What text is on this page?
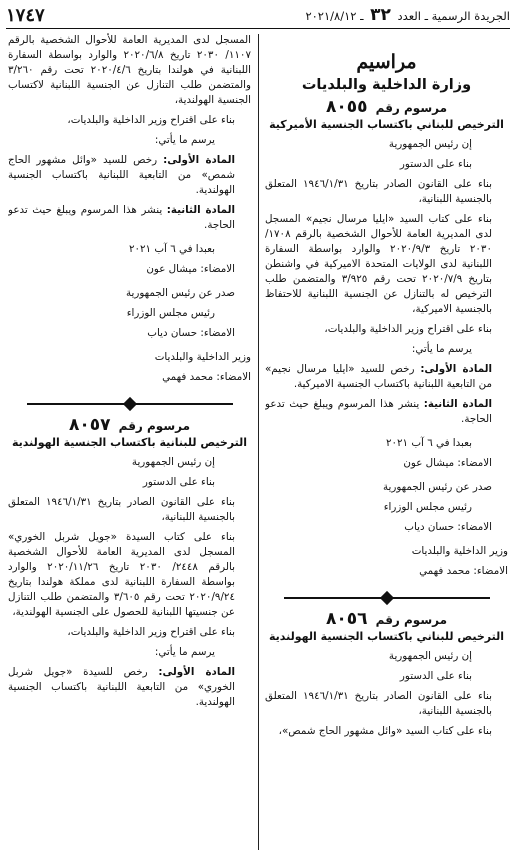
الجريدة الرسمية ـ العدد ٣٢ ـ ٢٠٢١/٨/١٢
١٧٤٧
مراسيم
وزارة الداخلية والبلديات
مرسوم رقم ٨٠٥٥
الترخيص للبناني باكتساب الجنسية الأميركية

إن رئيس الجمهورية

بناء على الدستور

بناء على القانون الصادر بتاريخ ١٩٤٦/١/٣١ المتعلق بالجنسية اللبنانية،

بناء على كتاب السيد «ايليا مرسال نجيم» المسجل لدى المديرية العامة للأحوال الشخصية بالرقم ١٧٠٨/ ٢٠٣٠ تاريخ ٢٠٢٠/٩/٣ والوارد بواسطة السفارة اللبنانية لدى الولايات المتحدة الاميركية في واشنطن بتاريخ ٢٠٢٠/٧/٩ تحت رقم ٣/٩٢٥ والمتضمن طلب الترخيص له بالتنازل عن الجنسية اللبنانية للاحتفاظ بالجنسية الاميركية،

بناء على اقتراح وزير الداخلية والبلديات،

يرسم ما يأتي:

المادة الأولى: رخص للسيد «ايليا مرسال نجيم» من التابعية اللبنانية باكتساب الجنسية الاميركية.

المادة الثانية: ينشر هذا المرسوم ويبلغ حيث تدعو الحاجة.

بعبدا في ٦ آب ٢٠٢١

الامضاء: ميشال عون

صدر عن رئيس الجمهورية

رئيس مجلس الوزراء

الامضاء: حسان دياب

وزير الداخلية والبلديات

الامضاء: محمد فهمي

مرسوم رقم ٨٠٥٦
الترخيص للبناني باكتساب الجنسية الهولندية

إن رئيس الجمهورية

بناء على الدستور

بناء على القانون الصادر بتاريخ ١٩٤٦/١/٣١ المتعلق بالجنسية اللبنانية،

بناء على كتاب السيد «وائل مشهور الحاج شمص»،

المسجل لدى المديرية العامة للأحوال الشخصية بالرقم ١١٠٧/ ٢٠٣٠ تاريخ ٢٠٢٠/٦/٨ والوارد بواسطة السفارة اللبنانية في هولندا بتاريخ ٢٠٢٠/٤/٦ تحت رقم ٣/٢٦٠ والمتضمن طلب التنازل عن الجنسية اللبنانية لاكتساب الجنسية الهولندية،

بناء على اقتراح وزير الداخلية والبلديات،

يرسم ما يأتي:

المادة الأولى: رخص للسيد «وائل مشهور الحاج شمص» من التابعية اللبنانية باكتساب الجنسية الهولندية.

المادة الثانية: ينشر هذا المرسوم ويبلغ حيث تدعو الحاجة.

بعبدا في ٦ آب ٢٠٢١

الامضاء: ميشال عون

صدر عن رئيس الجمهورية

رئيس مجلس الوزراء

الامضاء: حسان دياب

وزير الداخلية والبلديات

الامضاء: محمد فهمي

مرسوم رقم ٨٠٥٧
الترخيص للبنانية باكتساب الجنسية الهولندية

إن رئيس الجمهورية

بناء على الدستور

بناء على القانون الصادر بتاريخ ١٩٤٦/١/٣١ المتعلق بالجنسية اللبنانية،

بناء على كتاب السيدة «جويل شربل الخوري» المسجل لدى المديرية العامة للأحوال الشخصية بالرقم ٢٤٤٨/ ٢٠٣٠ تاريخ ٢٠٢٠/١١/٢٦ والوارد بواسطة السفارة اللبنانية لدى مملكة هولندا بتاريخ ٢٠٢٠/٩/٢٤ تحت رقم ٣/٦٠٥ والمتضمن طلب التنازل عن جنسيتها اللبنانية للحصول على الجنسية الهولندية،

بناء على اقتراح وزير الداخلية والبلديات،

يرسم ما يأتي:

المادة الأولى: رخص للسيدة «جويل شربل الخوري» من التابعية اللبنانية باكتساب الجنسية الهولندية.
